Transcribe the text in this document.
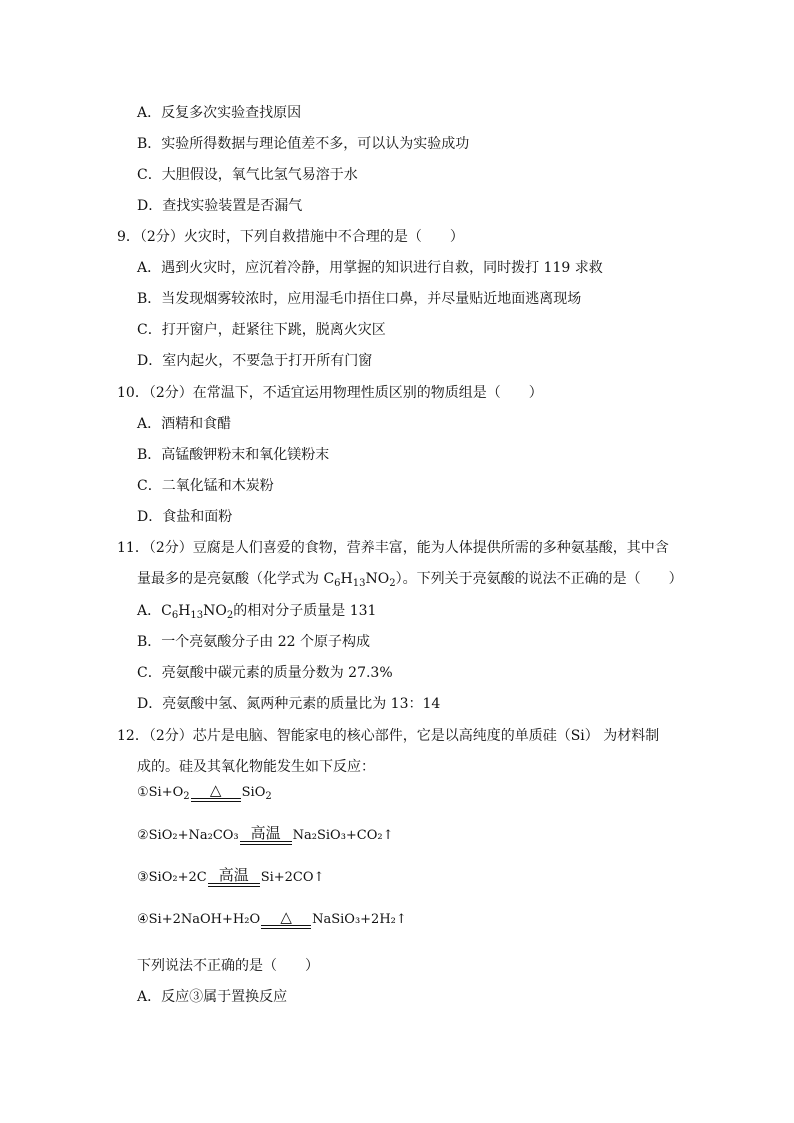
A．反复多次实验查找原因
B．实验所得数据与理论值差不多，可以认为实验成功
C．大胆假设，氧气比氢气易溶于水
D．查找实验装置是否漏气
9．（2分）火灾时，下列自救措施中不合理的是（　　）
A．遇到火灾时，应沉着冷静，用掌握的知识进行自救，同时拨打 119 求救
B．当发现烟雾较浓时，应用湿毛巾捂住口鼻，并尽量贴近地面逃离现场
C．打开窗户，赶紧往下跳，脱离火灾区
D．室内起火，不要急于打开所有门窗
10．（2分）在常温下，不适宜运用物理性质区别的物质组是（　　）
A．酒精和食醋
B．高锰酸钾粉末和氧化镁粉末
C．二氧化锰和木炭粉
D．食盐和面粉
11．（2分）豆腐是人们喜爱的食物，营养丰富，能为人体提供所需的多种氨基酸，其中含
量最多的是亮氨酸（化学式为 $C_6H_{13}NO_2$）。下列关于亮氨酸的说法不正确的是（　　）
A．$C_6H_{13}NO_2$的相对分子质量是 131
B．一个亮氨酸分子由 22 个原子构成
C．亮氨酸中碳元素的质量分数为 27.3%
D．亮氨酸中氢、氮两种元素的质量比为 13：14
12．（2分）芯片是电脑、智能家电的核心部件，它是以高纯度的单质硅（Si） 为材料制
成的。硅及其氧化物能发生如下反应：
$①Si+O_2$	△	SiO$_2$
②SiO₂+Na₂CO₃ 高温 Na₂SiO₃+CO₂↑
③SiO₂+2C 高温 Si+2CO↑
④Si+2NaOH+H₂O	△	NaSiO₃+2H₂↑
下列说法不正确的是（　　）
A．反应③属于置换反应
